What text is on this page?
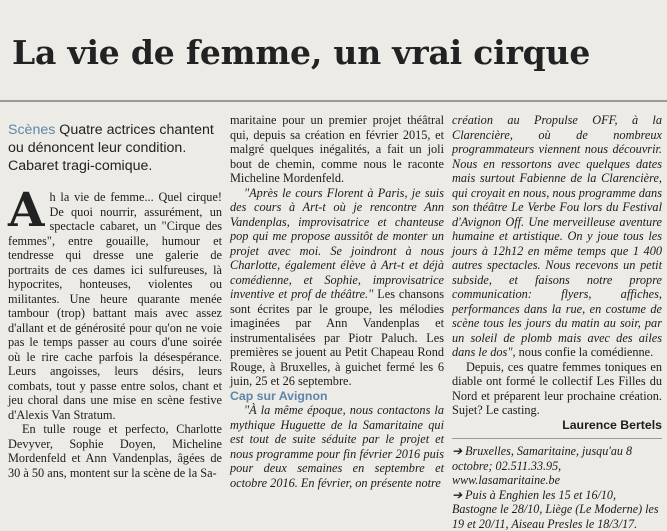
La vie de femme, un vrai cirque
Scènes Quatre actrices chantent ou dénoncent leur condition. Cabaret tragi-comique.

Ah la vie de femme... Quel cirque! De quoi nourrir, assurément, un spectacle cabaret, un "Cirque des femmes", entre gouaille, humour et tendresse qui dresse une galerie de portraits de ces dames ici sulfureuses, là hypocrites, honteuses, violentes ou militantes. Une heure quarante menée tambour (trop) battant mais avec assez d'allant et de générosité pour qu'on ne voie pas le temps passer au cours d'une soirée où le rire cache parfois la désespérance. Leurs angoisses, leurs désirs, leurs combats, tout y passe entre solos, chant et jeu choral dans une mise en scène festive d'Alexis Van Stratum.

En tulle rouge et perfecto, Charlotte Devyver, Sophie Doyen, Micheline Mordenfeld et Ann Vandenplas, âgées de 30 à 50 ans, montent sur la scène de la Sa-

maritaine pour un premier projet théâtral qui, depuis sa création en février 2015, et malgré quelques inégalités, a fait un joli bout de chemin, comme nous le raconte Micheline Mordenfeld.

"Après le cours Florent à Paris, je suis des cours à Art-t où je rencontre Ann Vandenplas, improvisatrice et chanteuse pop qui me propose aussitôt de monter un projet avec moi. Se joindront à nous Charlotte, également élève à Art-t et déjà comédienne, et Sophie, improvisatrice inventive et prof de théâtre." Les chansons sont écrites par le groupe, les mélodies imaginées par Ann Vandenplas et instrumentalisées par Piotr Paluch. Les premières se jouent au Petit Chapeau Rond Rouge, à Bruxelles, à guichet fermé les 6 juin, 25 et 26 septembre.

Cap sur Avignon

"À la même époque, nous contactons la mythique Huguette de la Samaritaine qui est tout de suite séduite par le projet et nous programme pour fin février 2016 puis pour deux semaines en septembre et octobre 2016. En février, on présente notre

création au Propulse OFF, à la Clarencière, où de nombreux programmateurs viennent nous découvrir. Nous en ressortons avec quelques dates mais surtout Fabienne de la Clarencière, qui croyait en nous, nous programme dans son théâtre Le Verbe Fou lors du Festival d'Avignon Off. Une merveilleuse aventure humaine et artistique. On y joue tous les jours à 12h12 en même temps que 1 400 autres spectacles. Nous recevons un petit subside, et faisons notre propre communication: flyers, affiches, performances dans la rue, en costume de scène tous les jours du matin au soir, par un soleil de plomb mais avec des ailes dans le dos", nous confie la comédienne.

Depuis, ces quatre femmes toniques en diable ont formé le collectif Les Filles du Nord et préparent leur prochaine création. Sujet? Le casting.

Laurence Bertels

➔ Bruxelles, Samaritaine, jusqu'au 8 octobre; 02.511.33.95, www.lasamaritaine.be

➔ Puis à Enghien les 15 et 16/10, Bastogne le 28/10, Liège (Le Moderne) les 19 et 20/11, Aiseau Presles le 18/3/17.
